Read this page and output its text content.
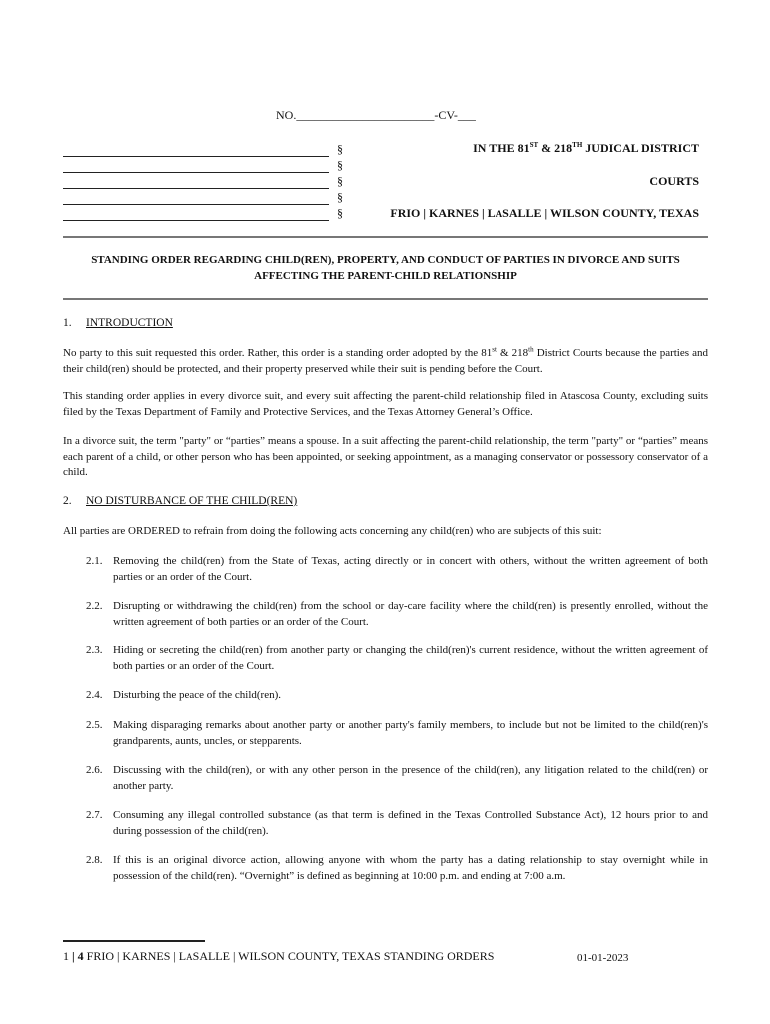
NO._______________________-CV-___
§
§
§
§
§
IN THE 81ST & 218TH JUDICAL DISTRICT
COURTS
FRIO | KARNES | LASALLE | WILSON COUNTY, TEXAS
STANDING ORDER REGARDING CHILD(REN), PROPERTY, AND CONDUCT OF PARTIES IN DIVORCE AND SUITS AFFECTING THE PARENT-CHILD RELATIONSHIP
1. INTRODUCTION
No party to this suit requested this order. Rather, this order is a standing order adopted by the 81st & 218th District Courts because the parties and their child(ren) should be protected, and their property preserved while their suit is pending before the Court.
This standing order applies in every divorce suit, and every suit affecting the parent-child relationship filed in Atascosa County, excluding suits filed by the Texas Department of Family and Protective Services, and the Texas Attorney General’s Office.
In a divorce suit, the term "party" or “parties” means a spouse. In a suit affecting the parent-child relationship, the term "party" or “parties” means each parent of a child, or other person who has been appointed, or seeking appointment, as a managing conservator or possessory conservator of a child.
2. NO DISTURBANCE OF THE CHILD(REN)
All parties are ORDERED to refrain from doing the following acts concerning any child(ren) who are subjects of this suit:
2.1. Removing the child(ren) from the State of Texas, acting directly or in concert with others, without the written agreement of both parties or an order of the Court.
2.2. Disrupting or withdrawing the child(ren) from the school or day-care facility where the child(ren) is presently enrolled, without the written agreement of both parties or an order of the Court.
2.3. Hiding or secreting the child(ren) from another party or changing the child(ren)'s current residence, without the written agreement of both parties or an order of the Court.
2.4. Disturbing the peace of the child(ren).
2.5. Making disparaging remarks about another party or another party's family members, to include but not be limited to the child(ren)'s grandparents, aunts, uncles, or stepparents.
2.6. Discussing with the child(ren), or with any other person in the presence of the child(ren), any litigation related to the child(ren) or another party.
2.7. Consuming any illegal controlled substance (as that term is defined in the Texas Controlled Substance Act), 12 hours prior to and during possession of the child(ren).
2.8. If this is an original divorce action, allowing anyone with whom the party has a dating relationship to stay overnight while in possession of the child(ren). “Overnight” is defined as beginning at 10:00 p.m. and ending at 7:00 a.m.
1 | 4 FRIO | KARNES | LASALLE | WILSON COUNTY, TEXAS STANDING ORDERS	01-01-2023
